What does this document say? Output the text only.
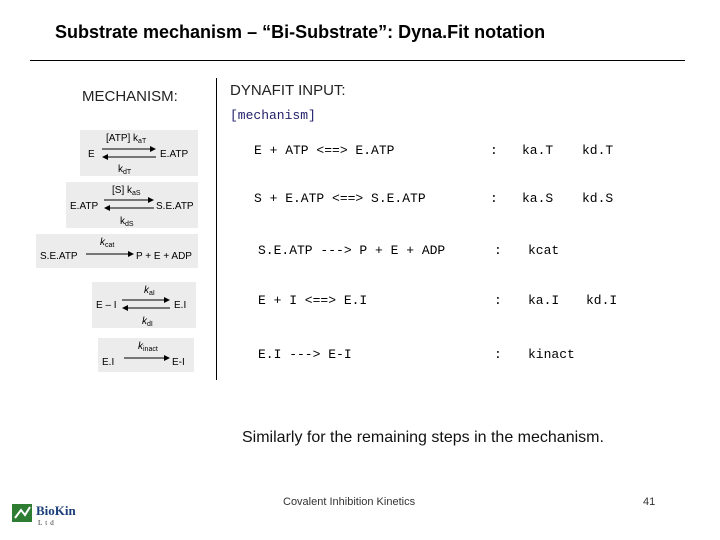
Substrate mechanism – “Bi-Substrate”: Dyna.Fit notation
MECHANISM:	DYNAFIT INPUT:
[mechanism]
[ATP] $k_{aT}$
E	E.ATP
$k_{dT}$
[S] $k_{aS}$
E.ATP	S.E.ATP
$k_{dS}$
$k_{cat}$
S.E.ATP	P + E + ADP
$k_{aI}$
E – I	E.I
$k_{dI}$
$k_{inact}$
E.I	E-I
E + ATP <==> E.ATP	: ka.T kd.T
S + E.ATP <==> S.E.ATP	: ka.S kd.S
S.E.ATP ---> P + E + ADP	: kcat
E + I <==> E.I	: ka.I kd.I
E.I ---> E-I	: kinact
Similarly for the remaining steps in the mechanism.
BioKin
Ltd
Covalent Inhibition Kinetics	41
